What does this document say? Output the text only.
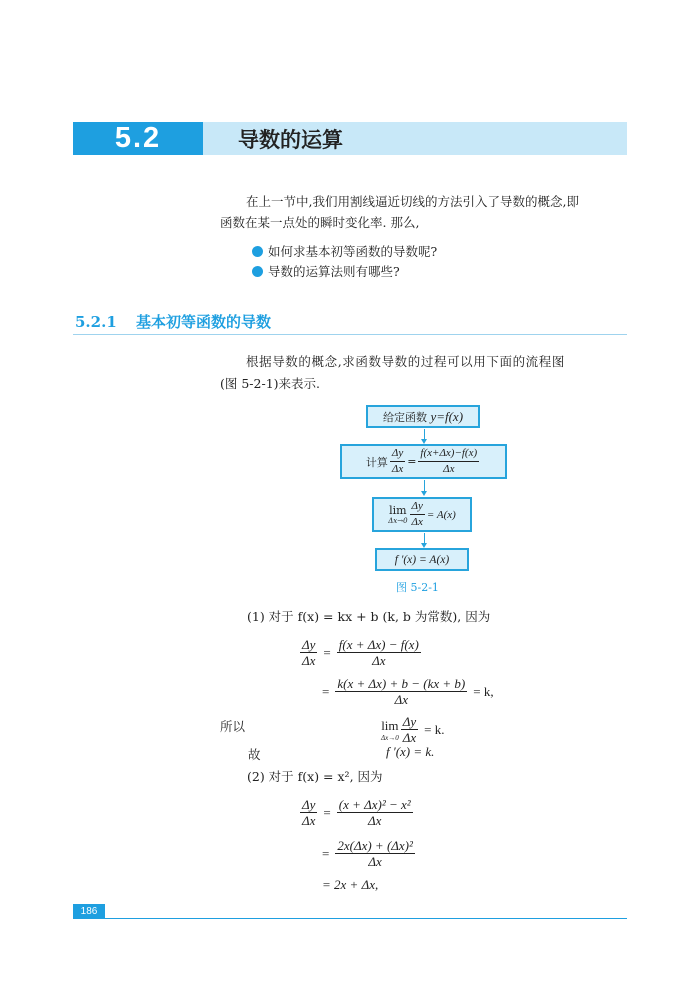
5.2	导数的运算
在上一节中,我们用割线逼近切线的方法引入了导数的概念,即
函数在某一点处的瞬时变化率. 那么,
如何求基本初等函数的导数呢?
导数的运算法则有哪些?
5.2.1 基本初等函数的导数
根据导数的概念,求函数导数的过程可以用下面的流程图
(图 5-2-1)来表示.
给定函数
y=f(x)
计算 $\frac{\Delta y}{\Delta x} = \frac{f(x+\Delta x)-f(x)}{\Delta x}$
lim
$\Delta x\to 0 \frac{\Delta y}{\Delta x} = A(x)$
f ′(x) = A(x)
图 5-2-1
(1) 对于 f(x) = kx + b (k, b 为常数), 因为
$\frac{\Delta y}{\Delta x} = \frac{f(x + \Delta x) - f(x)}{\Delta x}$
= $\frac{k(x + \Delta x) + b - (kx + b)}{\Delta x} = k$,
所以	lim
$\Delta x\to 0 \frac{\Delta y}{\Delta x} = k$.
故	f ′(x) = k.
(2) 对于 f(x) = x², 因为
$\frac{\Delta y}{\Delta x} = \frac{\text{(x + Δx)² − x²}}{\Delta x}$
= $\frac{\text{2x(Δx) + (Δx)²}}{\Delta x}$
= 2x + Δx,
186
